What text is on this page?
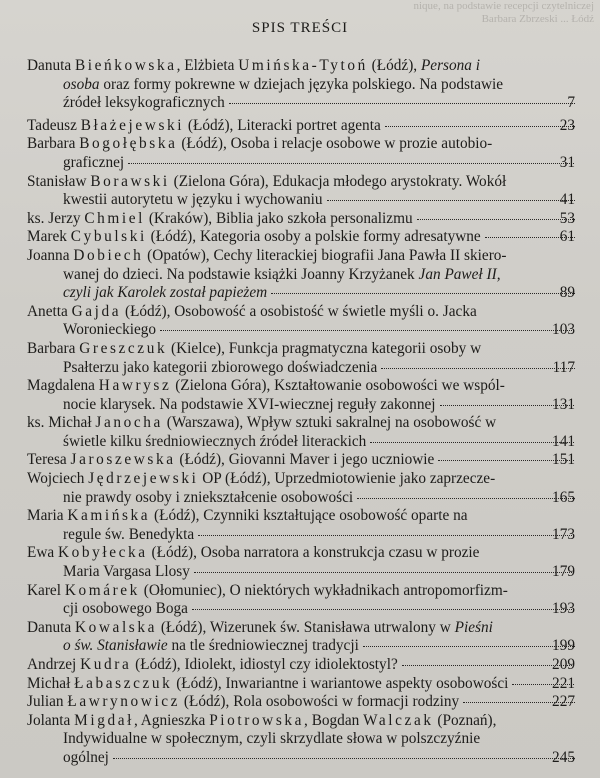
nique, na podstawie recepcji czytelniczej
Barbara Zbrzeski ... Łódź
SPIS TREŚCI
Danuta Bieńkowska, Elżbieta Umińska-Tytoń (Łódź), Persona i
osoba oraz formy pokrewne w dziejach języka polskiego. Na podstawie
źródeł leksykograficznych	7
Tadeusz Błażejewski (Łódź), Literacki portret agenta	23
Barbara Bogołębska (Łódź), Osoba i relacje osobowe w prozie autobio-
graficznej	31
Stanisław Borawski (Zielona Góra), Edukacja młodego arystokraty. Wokół
kwestii autorytetu w języku i wychowaniu	41
ks. Jerzy Chmiel (Kraków), Biblia jako szkoła personalizmu	53
Marek Cybulski (Łódź), Kategoria osoby a polskie formy adresatywne	61
Joanna Dobiech (Opatów), Cechy literackiej biografii Jana Pawła II skiero-
wanej do dzieci. Na podstawie książki Joanny Krzyżanek Jan Paweł II,
czyli jak Karolek został papieżem	89
Anetta Gajda (Łódź), Osobowość a osobistość w świetle myśli o. Jacka
Woronieckiego	103
Barbara Greszczuk (Kielce), Funkcja pragmatyczna kategorii osoby w
Psałterzu jako kategorii zbiorowego doświadczenia	117
Magdalena Hawrysz (Zielona Góra), Kształtowanie osobowości we wspól-
nocie klarysek. Na podstawie XVI-wiecznej reguły zakonnej	131
ks. Michał Janocha (Warszawa), Wpływ sztuki sakralnej na osobowość w
świetle kilku średniowiecznych źródeł literackich	141
Teresa Jaroszewska (Łódź), Giovanni Maver i jego uczniowie	151
Wojciech Jędrzejewski OP (Łódź), Uprzedmiotowienie jako zaprzecze-
nie prawdy osoby i zniekształcenie osobowości	165
Maria Kamińska (Łódź), Czynniki kształtujące osobowość oparte na
regule św. Benedykta	173
Ewa Kobyłecka (Łódź), Osoba narratora a konstrukcja czasu w prozie
Maria Vargasa Llosy	179
Karel Komárek (Ołomuniec), O niektórych wykładnikach antropomorfizm-
cji osobowego Boga	193
Danuta Kowalska (Łódź), Wizerunek św. Stanisława utrwalony w Pieśni
o św. Stanisławie na tle średniowiecznej tradycji	199
Andrzej Kudra (Łódź), Idiolekt, idiostyl czy idiolektostyl?	209
Michał Łabaszczuk (Łódź), Inwariantne i wariantowe aspekty osobowości	221
Julian Ławrynowicz (Łódź), Rola osobowości w formacji rodziny	227
Jolanta Migdał, Agnieszka Piotrowska, Bogdan Walczak (Poznań),
Indywidualne w społecznym, czyli skrzydlate słowa w polszczyźnie
ogólnej	245
